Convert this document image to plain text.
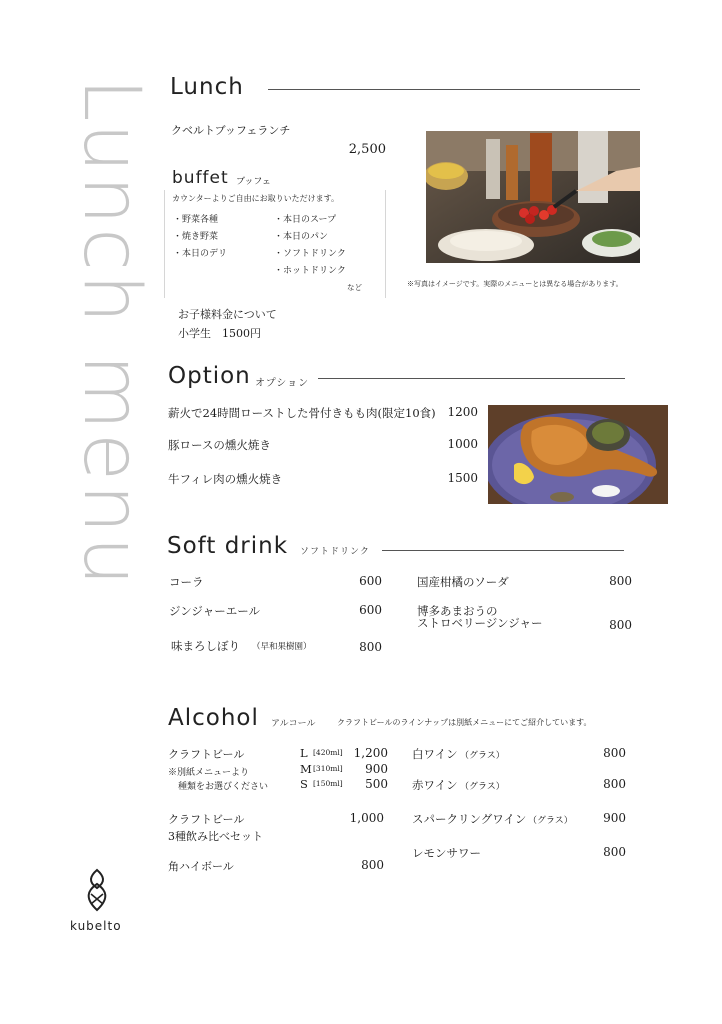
Lunch menu Lunch
クベルトブッフェランチ
2,500
buffet ブッフェ
カウンターよりご自由にお取りいただけます。
・野菜各種
・焼き野菜
・本日のデリ
・本日のスープ
・本日のパン
・ソフトドリンク
・ホットドリンク
など	※写真はイメージです。実際のメニューとは異なる場合があります。
お子様料金について
小学生　1500円
Option オプション
薪火で24時間ローストした骨付きもも肉(限定10食) 1200
豚ロースの燻火焼き	1000
牛フィレ肉の燻火焼き	1500
Soft drink ソフトドリンク
コーラ	600
ジンジャーエール	600
味まろしぼり （早和果樹園）	800
国産柑橘のソーダ	800
博多あまおうの
ストロベリージンジャー	800
Alcohol アルコール	クラフトビールのラインナップは別紙メニューにてご紹介しています。
クラフトビール
※別紙メニューより
種類をお選びください
L [420ml] 1,200
M [310ml]	900
S [150ml]	500
クラフトビール
3種飲み比べセット
1,000
角ハイボール	800
白ワイン （グラス）	800
赤ワイン （グラス）	800
スパークリングワイン （グラス）	900
レモンサワー	800
kubelto
